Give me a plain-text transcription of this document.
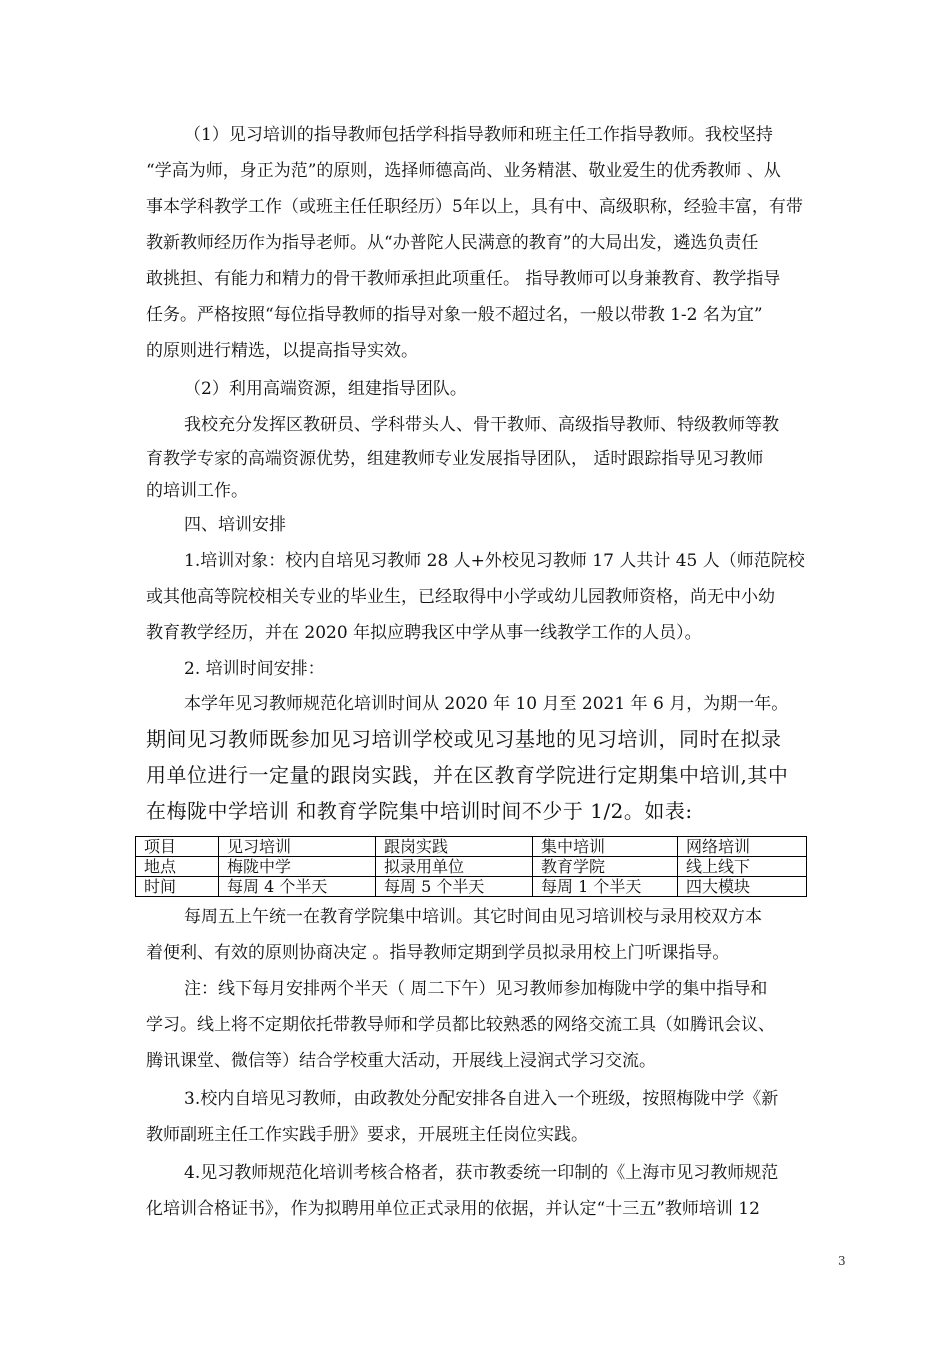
（1）见习培训的指导教师包括学科指导教师和班主任工作指导教师。我校坚持
“学高为师，身正为范”的原则，选择师德高尚、业务精湛、敬业爱生的优秀教师 、从
事本学科教学工作（或班主任任职经历）5年以上，具有中、高级职称，经验丰富，有带
教新教师经历作为指导老师。从“办普陀人民满意的教育”的大局出发，遴选负责任
敢挑担、有能力和精力的骨干教师承担此项重任。 指导教师可以身兼教育、教学指导
任务。严格按照“每位指导教师的指导对象一般不超过名，一般以带教 1-2 名为宜”
的原则进行精选，以提高指导实效。
（2）利用高端资源，组建指导团队。
我校充分发挥区教研员、学科带头人、骨干教师、高级指导教师、特级教师等教
育教学专家的高端资源优势，组建教师专业发展指导团队， 适时跟踪指导见习教师
的培训工作。
四、培训安排
1.培训对象：校内自培见习教师 28 人+外校见习教师 17 人共计 45 人（师范院校
或其他高等院校相关专业的毕业生，已经取得中小学或幼儿园教师资格，尚无中小幼
教育教学经历，并在 2020 年拟应聘我区中学从事一线教学工作的人员）。
2. 培训时间安排：
本学年见习教师规范化培训时间从 2020 年 10 月至 2021 年 6 月，为期一年。
期间见习教师既参加见习培训学校或见习基地的见习培训，同时在拟录
用单位进行一定量的跟岗实践，并在区教育学院进行定期集中培训,其中
在梅陇中学培训 和教育学院集中培训时间不少于 1/2。如表:
项目	见习培训	跟岗实践	集中培训	网络培训
地点	梅陇中学	拟录用单位	教育学院	线上线下
时间	每周 4 个半天	每周 5 个半天	每周 1 个半天	四大模块
每周五上午统一在教育学院集中培训。其它时间由见习培训校与录用校双方本
着便利、有效的原则协商决定 。指导教师定期到学员拟录用校上门听课指导。
注：线下每月安排两个半天（ 周二下午）见习教师参加梅陇中学的集中指导和
学习。线上将不定期依托带教导师和学员都比较熟悉的网络交流工具（如腾讯会议、
腾讯课堂、微信等）结合学校重大活动，开展线上浸润式学习交流。
3.校内自培见习教师，由政教处分配安排各自进入一个班级，按照梅陇中学《新
教师副班主任工作实践手册》要求，开展班主任岗位实践。
4.见习教师规范化培训考核合格者，获市教委统一印制的《上海市见习教师规范
化培训合格证书》，作为拟聘用单位正式录用的依据，并认定“十三五”教师培训 12
3
